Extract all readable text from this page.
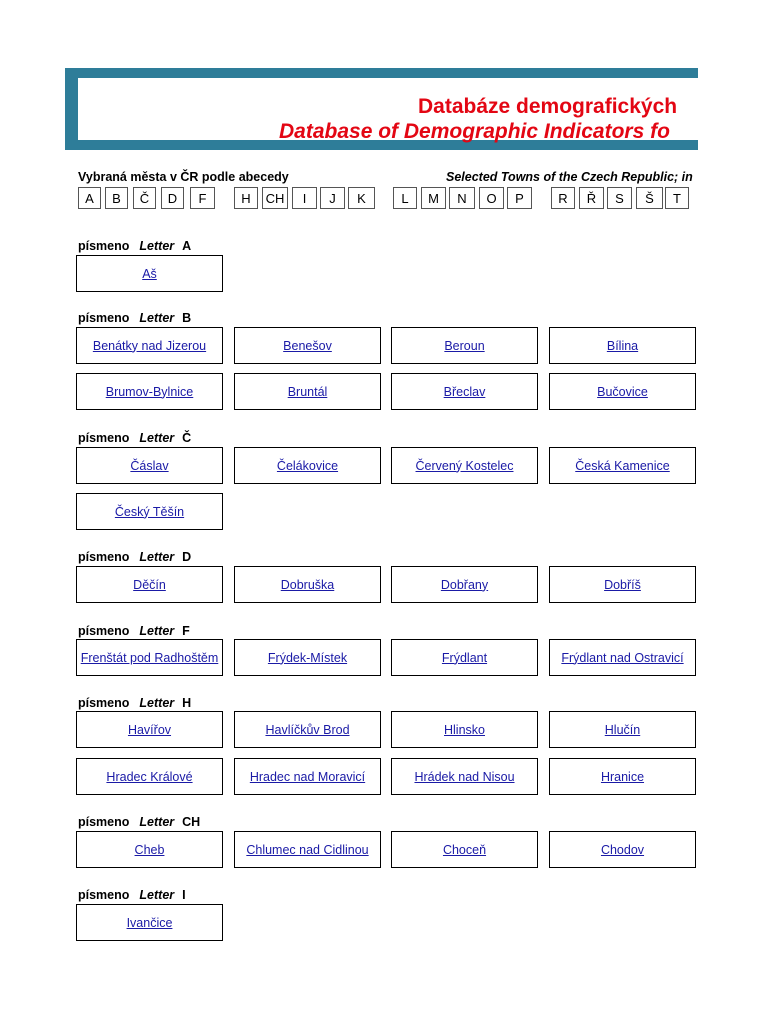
Databáze demografických
Database of Demographic Indicators fo
Vybraná města v ČR podle abecedy	Selected Towns of the Czech Republic; in
A	B	Č	D	F	H	CH	I	J	K	L	M	N	O	P	R	Ř	S	Š	T
písmeno Letter A
Aš
písmeno Letter B
Benátky nad Jizerou	Benešov	Beroun	Bílina
Brumov-Bylnice	Bruntál	Břeclav	Bučovice
písmeno Letter Č
Čáslav	Čelákovice	Červený Kostelec	Česká Kamenice
Český Těšín
písmeno Letter D
Děčín	Dobruška	Dobřany	Dobříš
písmeno Letter F
Frenštát pod Radhoštěm	Frýdek-Místek	Frýdlant	Frýdlant nad Ostravicí
písmeno Letter H
Havířov	Havlíčkův Brod	Hlinsko	Hlučín
Hradec Králové	Hradec nad Moravicí	Hrádek nad Nisou	Hranice
písmeno Letter CH
Cheb	Chlumec nad Cidlinou	Choceň	Chodov
písmeno Letter I
Ivančice
